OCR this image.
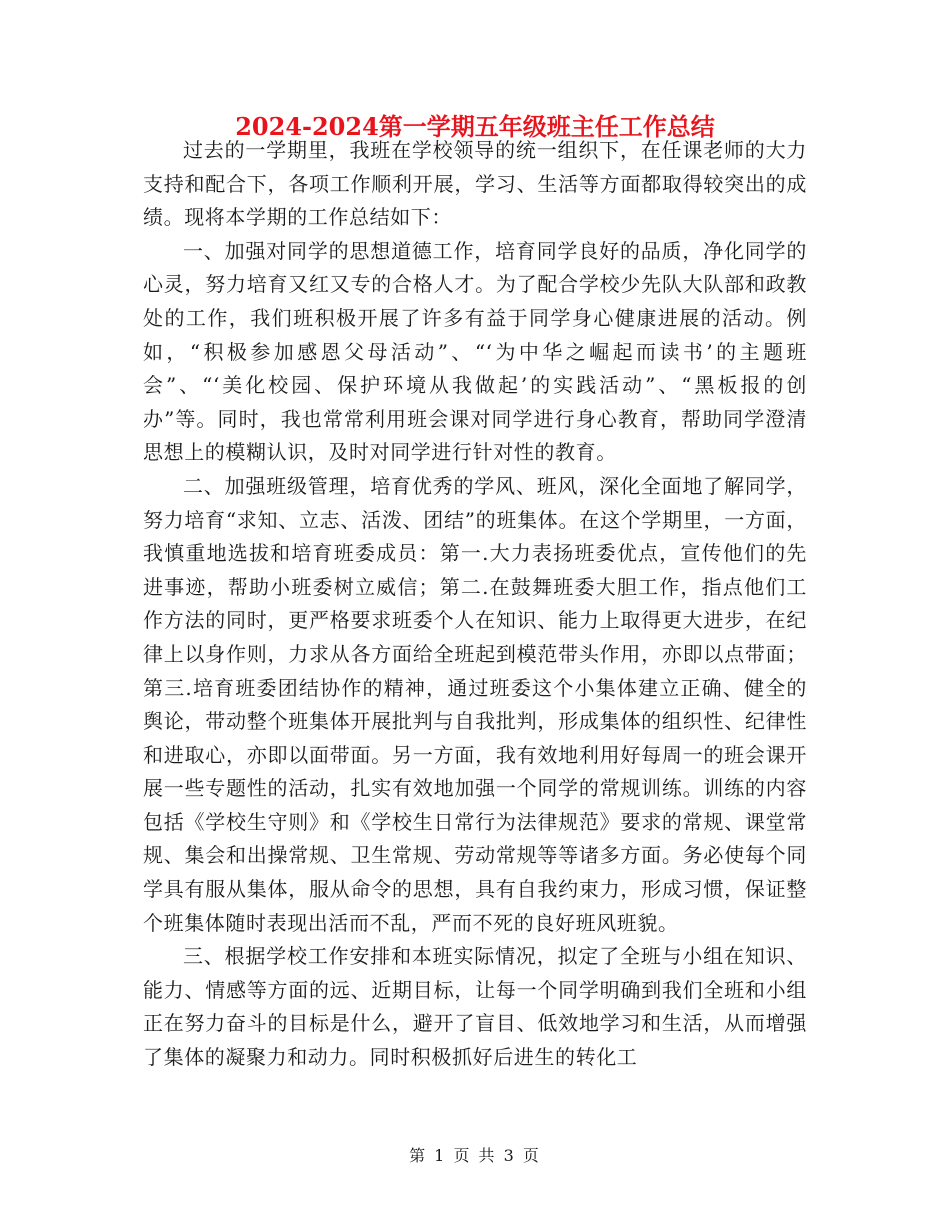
2024-2024第一学期五年级班主任工作总结

过去的一学期里，我班在学校领导的统一组织下，在任课老师的大力支持和配合下，各项工作顺利开展，学习、生活等方面都取得较突出的成绩。现将本学期的工作总结如下：

一、加强对同学的思想道德工作，培育同学良好的品质，净化同学的心灵，努力培育又红又专的合格人才。为了配合学校少先队大队部和政教处的工作，我们班积极开展了许多有益于同学身心健康进展的活动。例如，“积极参加感恩父母活动”、“‘为中华之崛起而读书’的主题班会”、“‘美化校园、保护环境从我做起’的实践活动”、“黑板报的创办”等。同时，我也常常利用班会课对同学进行身心教育，帮助同学澄清思想上的模糊认识，及时对同学进行针对性的教育。

二、加强班级管理，培育优秀的学风、班风，深化全面地了解同学，努力培育“求知、立志、活泼、团结”的班集体。在这个学期里，一方面，我慎重地选拔和培育班委成员：第一.大力表扬班委优点，宣传他们的先进事迹，帮助小班委树立威信；第二.在鼓舞班委大胆工作，指点他们工作方法的同时，更严格要求班委个人在知识、能力上取得更大进步，在纪律上以身作则，力求从各方面给全班起到模范带头作用，亦即以点带面；第三.培育班委团结协作的精神，通过班委这个小集体建立正确、健全的舆论，带动整个班集体开展批判与自我批判，形成集体的组织性、纪律性和进取心，亦即以面带面。另一方面，我有效地利用好每周一的班会课开展一些专题性的活动，扎实有效地加强一个同学的常规训练。训练的内容包括《学校生守则》和《学校生日常行为法律规范》要求的常规、课堂常规、集会和出操常规、卫生常规、劳动常规等等诸多方面。务必使每个同学具有服从集体，服从命令的思想，具有自我约束力，形成习惯，保证整个班集体随时表现出活而不乱，严而不死的良好班风班貌。

三、根据学校工作安排和本班实际情况，拟定了全班与小组在知识、能力、情感等方面的远、近期目标，让每一个同学明确到我们全班和小组正在努力奋斗的目标是什么，避开了盲目、低效地学习和生活，从而增强了集体的凝聚力和动力。同时积极抓好后进生的转化工

第 1 页 共 3 页
